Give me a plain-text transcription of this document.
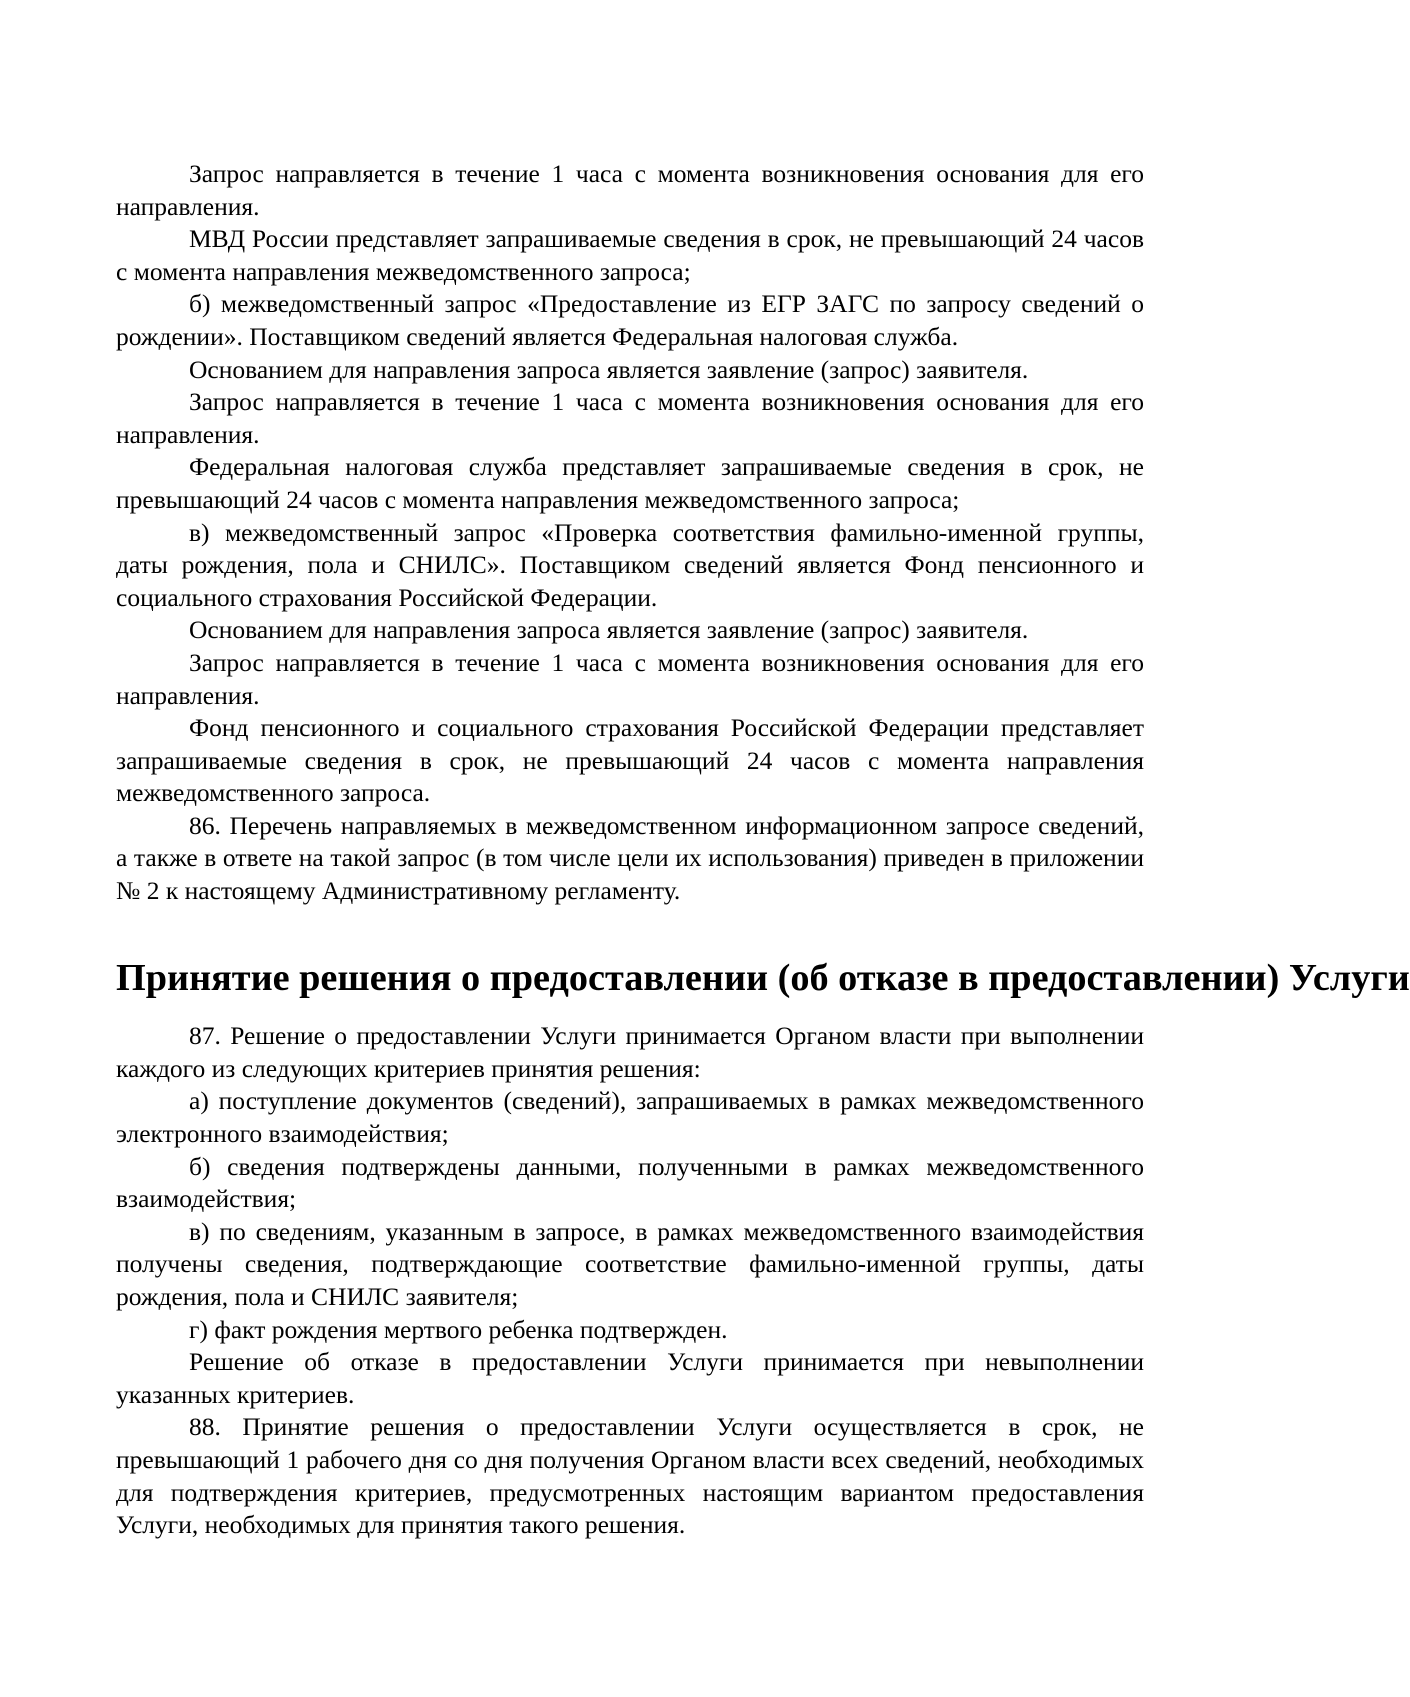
Запрос направляется в течение 1 часа с момента возникновения основания для его направления.

МВД России представляет запрашиваемые сведения в срок, не превышающий 24 часов с момента направления межведомственного запроса;

б) межведомственный запрос «Предоставление из ЕГР ЗАГС по запросу сведений о рождении». Поставщиком сведений является Федеральная налоговая служба.

Основанием для направления запроса является заявление (запрос) заявителя.

Запрос направляется в течение 1 часа с момента возникновения основания для его направления.

Федеральная налоговая служба представляет запрашиваемые сведения в срок, не превышающий 24 часов с момента направления межведомственного запроса;

в) межведомственный запрос «Проверка соответствия фамильно-именной группы, даты рождения, пола и СНИЛС». Поставщиком сведений является Фонд пенсионного и социального страхования Российской Федерации.

Основанием для направления запроса является заявление (запрос) заявителя.

Запрос направляется в течение 1 часа с момента возникновения основания для его направления.

Фонд пенсионного и социального страхования Российской Федерации представляет запрашиваемые сведения в срок, не превышающий 24 часов с момента направления межведомственного запроса.

86. Перечень направляемых в межведомственном информационном запросе сведений, а также в ответе на такой запрос (в том числе цели их использования) приведен в приложении № 2 к настоящему Административному регламенту.

Принятие решения о предоставлении (об отказе в предоставлении) Услуги

87. Решение о предоставлении Услуги принимается Органом власти при выполнении каждого из следующих критериев принятия решения:

а) поступление документов (сведений), запрашиваемых в рамках межведомственного электронного взаимодействия;

б) сведения подтверждены данными, полученными в рамках межведомственного взаимодействия;

в) по сведениям, указанным в запросе, в рамках межведомственного взаимодействия получены сведения, подтверждающие соответствие фамильно-именной группы, даты рождения, пола и СНИЛС заявителя;

г) факт рождения мертвого ребенка подтвержден.

Решение об отказе в предоставлении Услуги принимается при невыполнении указанных критериев.

88. Принятие решения о предоставлении Услуги осуществляется в срок, не превышающий 1 рабочего дня со дня получения Органом власти всех сведений, необходимых для подтверждения критериев, предусмотренных настоящим вариантом предоставления Услуги, необходимых для принятия такого решения.
